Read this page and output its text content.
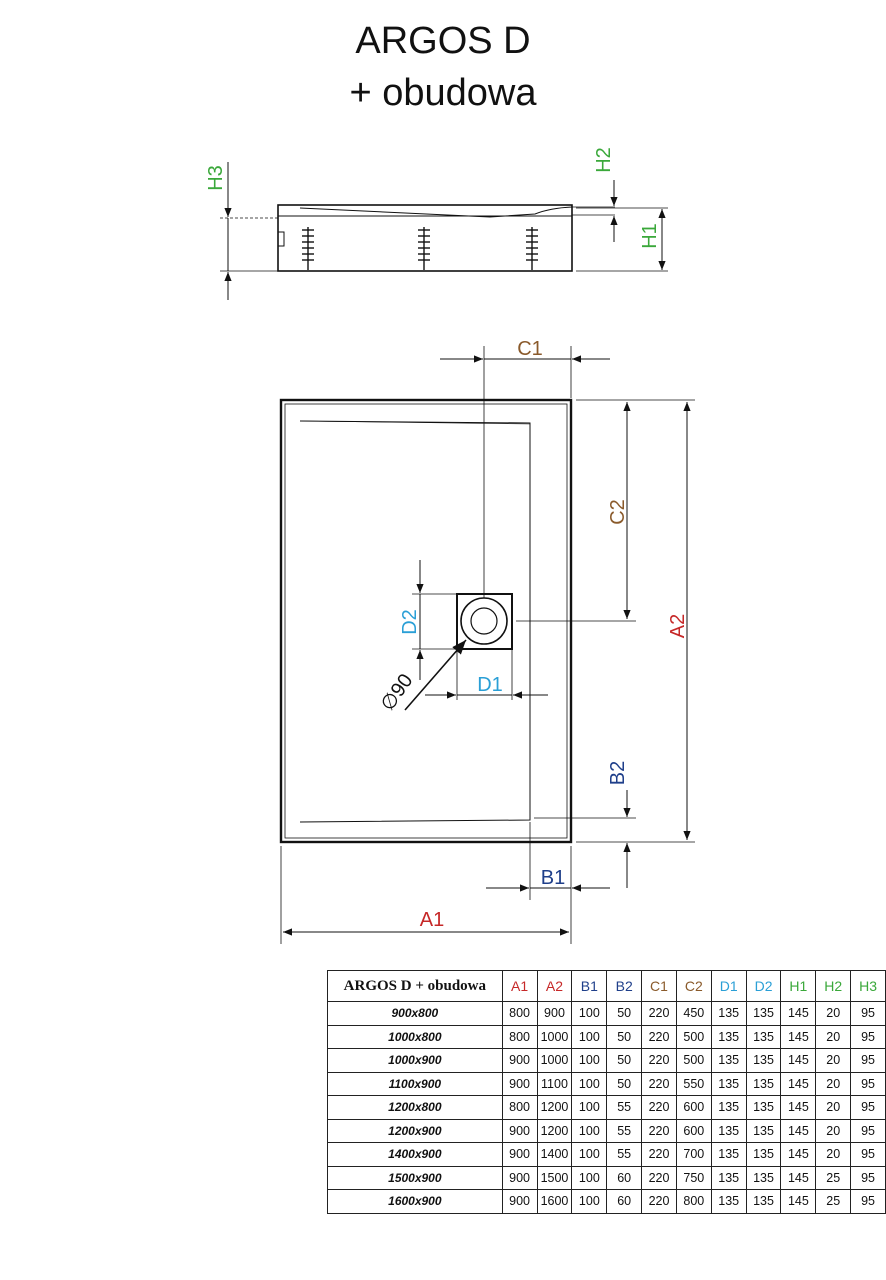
ARGOS D
+ obudowa
H3
H2
H1
C1
C2
A2
B2
D2
D1
∅90
B1
A1
ARGOS D + obudowa	A1	A2	B1	B2	C1	C2	D1	D2	H1	H2	H3
900x800	800	900	100	50	220	450	135	135	145	20	95
1000x800	800	1000	100	50	220	500	135	135	145	20	95
1000x900	900	1000	100	50	220	500	135	135	145	20	95
1100x900	900	1100	100	50	220	550	135	135	145	20	95
1200x800	800	1200	100	55	220	600	135	135	145	20	95
1200x900	900	1200	100	55	220	600	135	135	145	20	95
1400x900	900	1400	100	55	220	700	135	135	145	20	95
1500x900	900	1500	100	60	220	750	135	135	145	25	95
1600x900	900	1600	100	60	220	800	135	135	145	25	95
